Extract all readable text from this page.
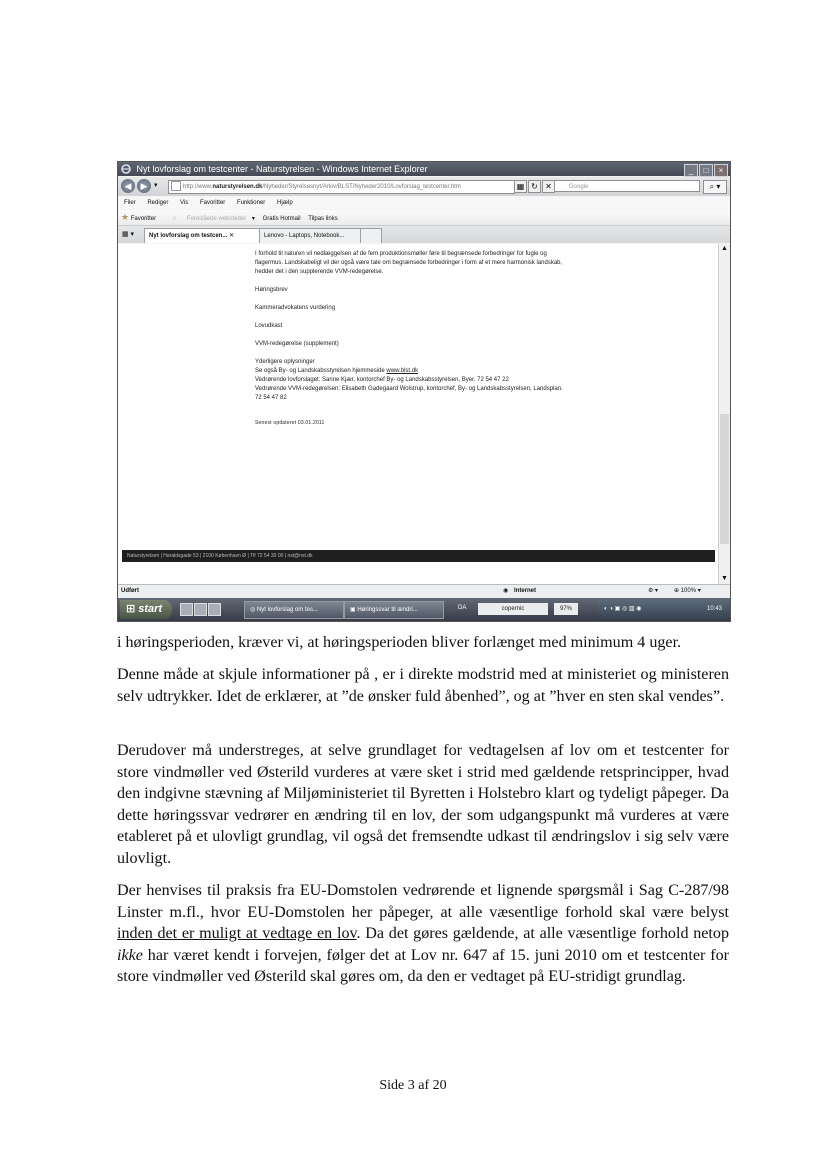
Nyt lovforslag om testcenter - Naturstyrelsen - Windows Internet Explorer	_ □ ×
◀	▶ ▾	http://www.naturstyrelsen.dk/Nyheder/Styrelsesnyt/Arkiv/BLST/Nyheder2010/Lovforslag_testcenter.htm	▦ ↻ ✕	Google	⌕ ▾
Filer Rediger Vis Favoritter Funktioner Hjælp
★ Favoritter	☆ Foreslåede websteder ▾ Gratis Hotmail Tilpas links
▦ ▾	Nyt lovforslag om testcen... ✕	Lenovo - Laptops, Notebook...

I forhold til naturen vil nedlæggelsen af de fem produktionsmøller føre til begrænsede forbedringer for fugle og flagermus. Landskabeligt vil der også være tale om begrænsede forbedringer i form af et mere harmonisk landskab, hedder det i den supplerende VVM-redegørelse.

Høringsbrev

Kammeradvokatens vurdering

Lovudkast

VVM-redegørelse (supplement)

Yderligere oplysninger
Se også By- og Landskabsstyrelsen hjemmeside www.blst.dk
Vedrørende lovforslaget: Sanne Kjær, kontorchef By- og Landskabsstyrelsen, Byer. 72 54 47 22
Vedrørende VVM-redegørelsen: Elisabeth Gadegaard Wolstrup, kontorchef, By- og Landskabsstyrelsen, Landsplan. 72 54 47 82

Senest opdateret 03.01.2011

Naturstyrelsen | Haraldsgade 53 | 2100 København Ø | Tlf 72 54 30 00 | nst@nst.dk
▲
▼
Udført	◉ Internet	⚙ ▾	⊕ 100% ▾
⊞ start	◎ Nyt lovforslag om tes...	▣ Høringssvar til ændri...	DA	copernic	97%	◐ ◑ ▣ ◎ ▥ ◉	10:43

i høringsperioden, kræver vi, at høringsperioden bliver forlænget med minimum 4 uger.

Denne måde at skjule informationer på , er i direkte modstrid med at ministeriet og ministeren selv udtrykker. Idet de erklærer, at ”de ønsker fuld åbenhed”, og at ”hver en sten skal vendes”.

Derudover må understreges, at selve grundlaget for vedtagelsen af lov om et testcenter for store vindmøller ved Østerild vurderes at være sket i strid med gældende retsprincipper, hvad den indgivne stævning af Miljøministeriet til Byretten i Holstebro klart og tydeligt påpeger. Da dette høringssvar vedrører en ændring til en lov, der som udgangspunkt må vurderes at være etableret på et ulovligt grundlag, vil også det fremsendte udkast til ændringslov i sig selv være ulovligt.

Der henvises til praksis fra EU-Domstolen vedrørende et lignende spørgsmål i Sag C-287/98 Linster m.fl., hvor EU-Domstolen her påpeger, at alle væsentlige forhold skal være belyst inden det er muligt at vedtage en lov. Da det gøres gældende, at alle væsentlige forhold netop ikke har været kendt i forvejen, følger det at Lov nr. 647 af 15. juni 2010 om et testcenter for store vindmøller ved Østerild skal gøres om, da den er vedtaget på EU-stridigt grundlag.

Side 3 af 20
